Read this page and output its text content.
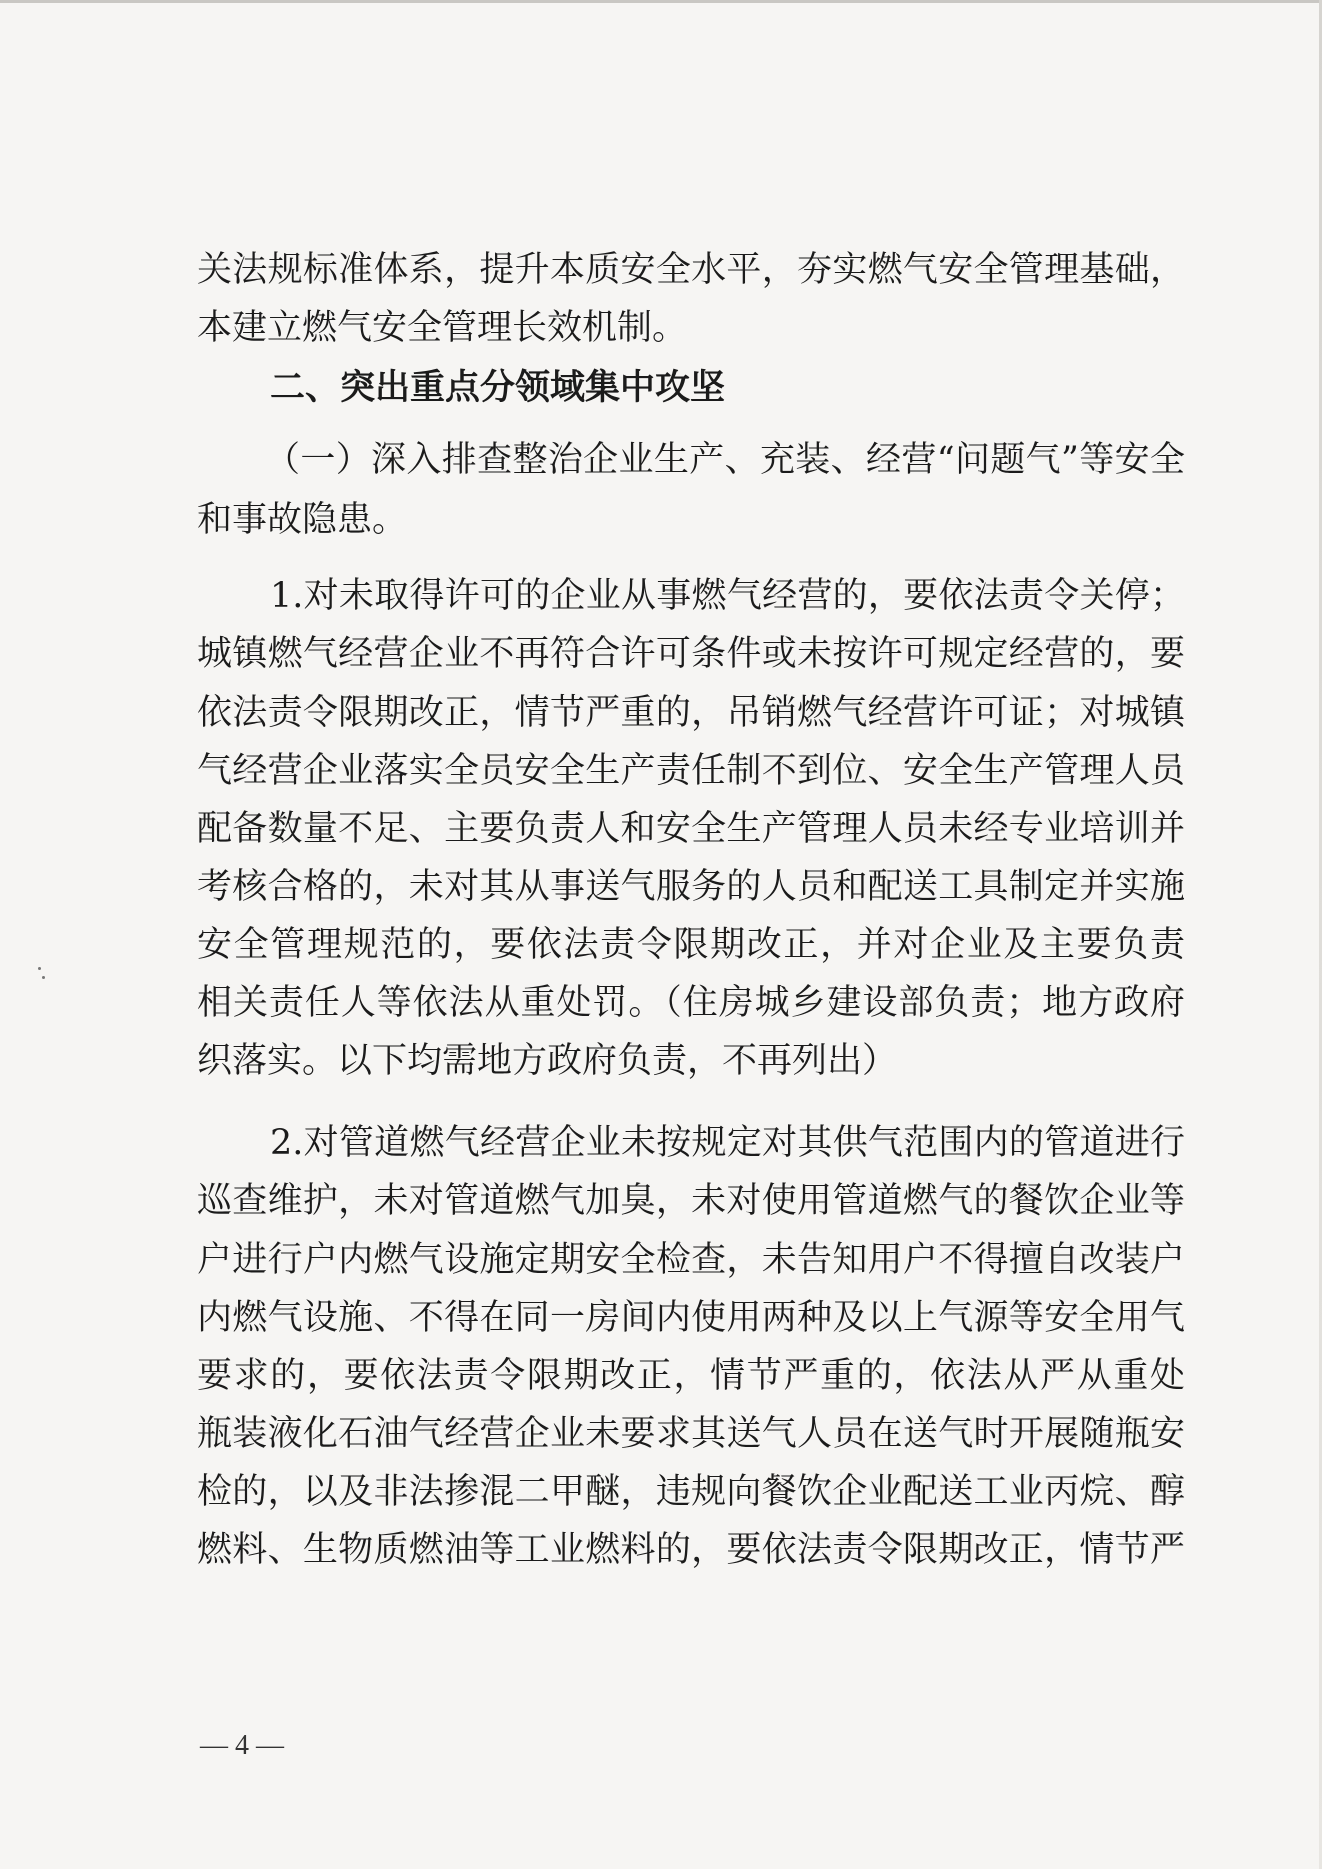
关法规标准体系，提升本质安全水平，夯实燃气安全管理基础，
本建立燃气安全管理长效机制。
二、突出重点分领域集中攻坚
（一）深入排查整治企业生产、充装、经营“问题气”等安全
和事故隐患。
1.对未取得许可的企业从事燃气经营的，要依法责令关停；
城镇燃气经营企业不再符合许可条件或未按许可规定经营的，要
依法责令限期改正，情节严重的，吊销燃气经营许可证；对城镇
气经营企业落实全员安全生产责任制不到位、安全生产管理人员
配备数量不足、主要负责人和安全生产管理人员未经专业培训并
考核合格的，未对其从事送气服务的人员和配送工具制定并实施
安全管理规范的，要依法责令限期改正，并对企业及主要负责
相关责任人等依法从重处罚。（住房城乡建设部负责；地方政府
织落实。以下均需地方政府负责，不再列出）
2.对管道燃气经营企业未按规定对其供气范围内的管道进行
巡查维护，未对管道燃气加臭，未对使用管道燃气的餐饮企业等
户进行户内燃气设施定期安全检查，未告知用户不得擅自改装户
内燃气设施、不得在同一房间内使用两种及以上气源等安全用气
要求的，要依法责令限期改正，情节严重的，依法从严从重处
瓶装液化石油气经营企业未要求其送气人员在送气时开展随瓶安
检的，以及非法掺混二甲醚，违规向餐饮企业配送工业丙烷、醇
燃料、生物质燃油等工业燃料的，要依法责令限期改正，情节严
— 4 —
